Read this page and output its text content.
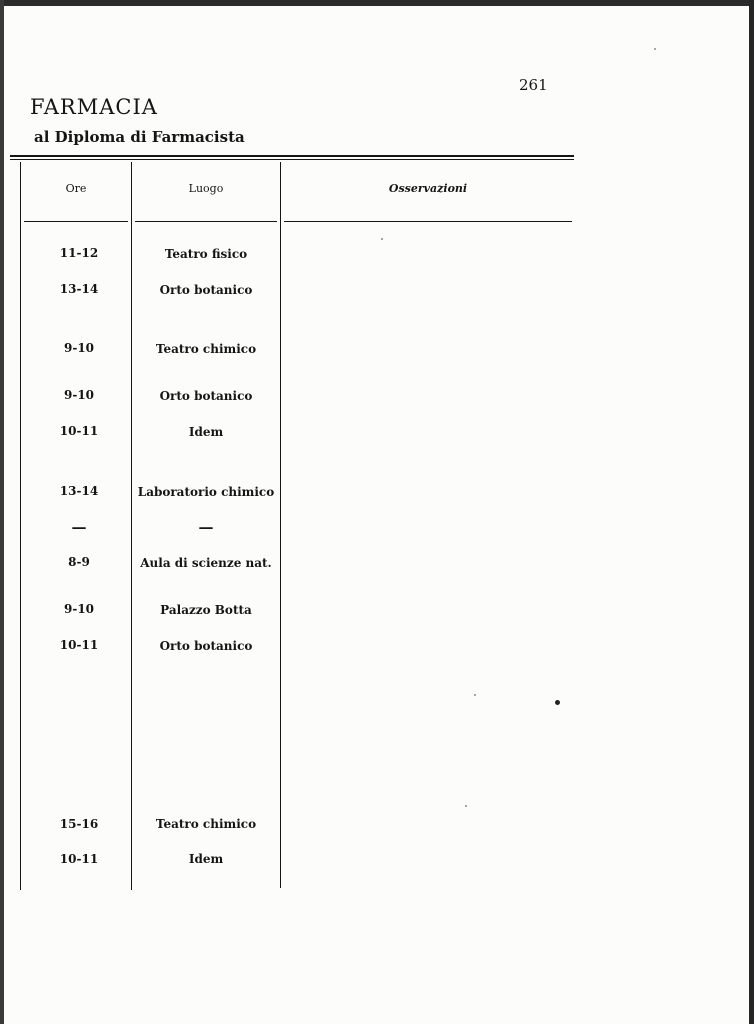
261
FARMACIA
al Diploma di Farmacista
Ore	Luogo	Osservazioni
11-12	Teatro fisico
13-14	Orto botanico
9-10	Teatro chimico
9-10	Orto botanico
10-11	Idem
13-14	Laboratorio chimico
—	—
8-9	Aula di scienze nat.
9-10	Palazzo Botta
10-11	Orto botanico
15-16	Teatro chimico
10-11	Idem
